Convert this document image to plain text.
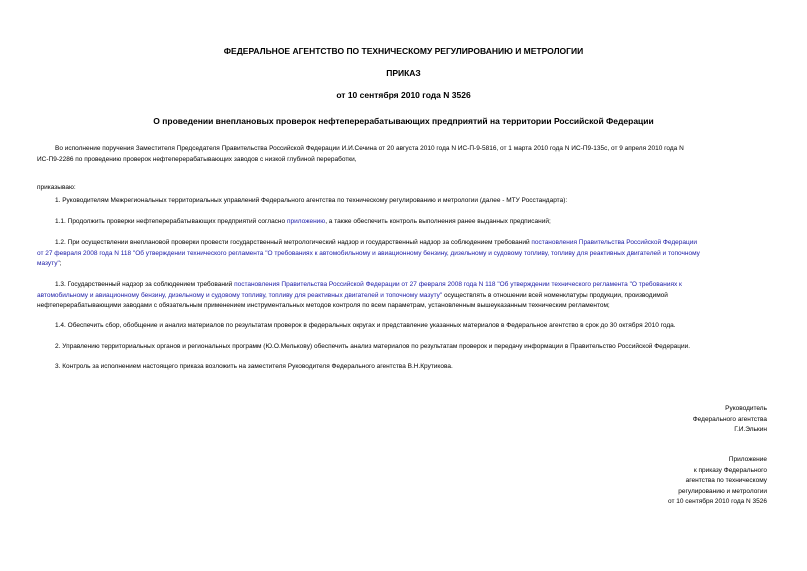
ФЕДЕРАЛЬНОЕ АГЕНТСТВО ПО ТЕХНИЧЕСКОМУ РЕГУЛИРОВАНИЮ И МЕТРОЛОГИИ
ПРИКАЗ
от 10 сентября 2010 года N 3526
О проведении внеплановых проверок нефтеперерабатывающих предприятий на территории Российской Федерации
Во исполнение поручения Заместителя Председателя Правительства Российской Федерации И.И.Сечина от 20 августа 2010 года N ИС-П-9-5816, от 1 марта 2010 года N ИС-П9-135с, от 9 апреля 2010 года N
ИС-П9-2286 по проведению проверок нефтеперерабатывающих заводов с низкой глубиной переработки,
приказываю:
1. Руководителям Межрегиональных территориальных управлений Федерального агентства по техническому регулированию и метрологии (далее - МТУ Росстандарта):
1.1. Продолжить проверки нефтеперерабатывающих предприятий согласно приложению, а также обеспечить контроль выполнения ранее выданных предписаний;
1.2. При осуществлении внеплановой проверки провести государственный метрологический надзор и государственный надзор за соблюдением требований постановления Правительства Российской Федерации
от 27 февраля 2008 года N 118 "Об утверждении технического регламента "О требованиях к автомобильному и авиационному бензину, дизельному и судовому топливу, топливу для реактивных двигателей и топочному
мазуту";
1.3. Государственный надзор за соблюдением требований постановления Правительства Российской Федерации от 27 февраля 2008 года N 118 "Об утверждении технического регламента "О требованиях к
автомобильному и авиационному бензину, дизельному и судовому топливу, топливу для реактивных двигателей и топочному мазуту" осуществлять в отношении всей номенклатуры продукции, производимой
нефтеперерабатывающими заводами с обязательным применением инструментальных методов контроля по всем параметрам, установленным вышеуказанным техническим регламентом;
1.4. Обеспечить сбор, обобщение и анализ материалов по результатам проверок в федеральных округах и представление указанных материалов в Федеральное агентство в срок до 30 октября 2010 года.
2. Управлению территориальных органов и региональных программ (Ю.О.Мельковy) обеспечить анализ материалов по результатам проверок и передачу информации в Правительство Российской Федерации.
3. Контроль за исполнением настоящего приказа возложить на заместителя Руководителя Федерального агентства В.Н.Крутикова.
Руководитель
Федерального агентства
Г.И.Элькин
Приложение
к приказу Федерального
агентства по техническому
регулированию и метрологии
от 10 сентября 2010 года N 3526
